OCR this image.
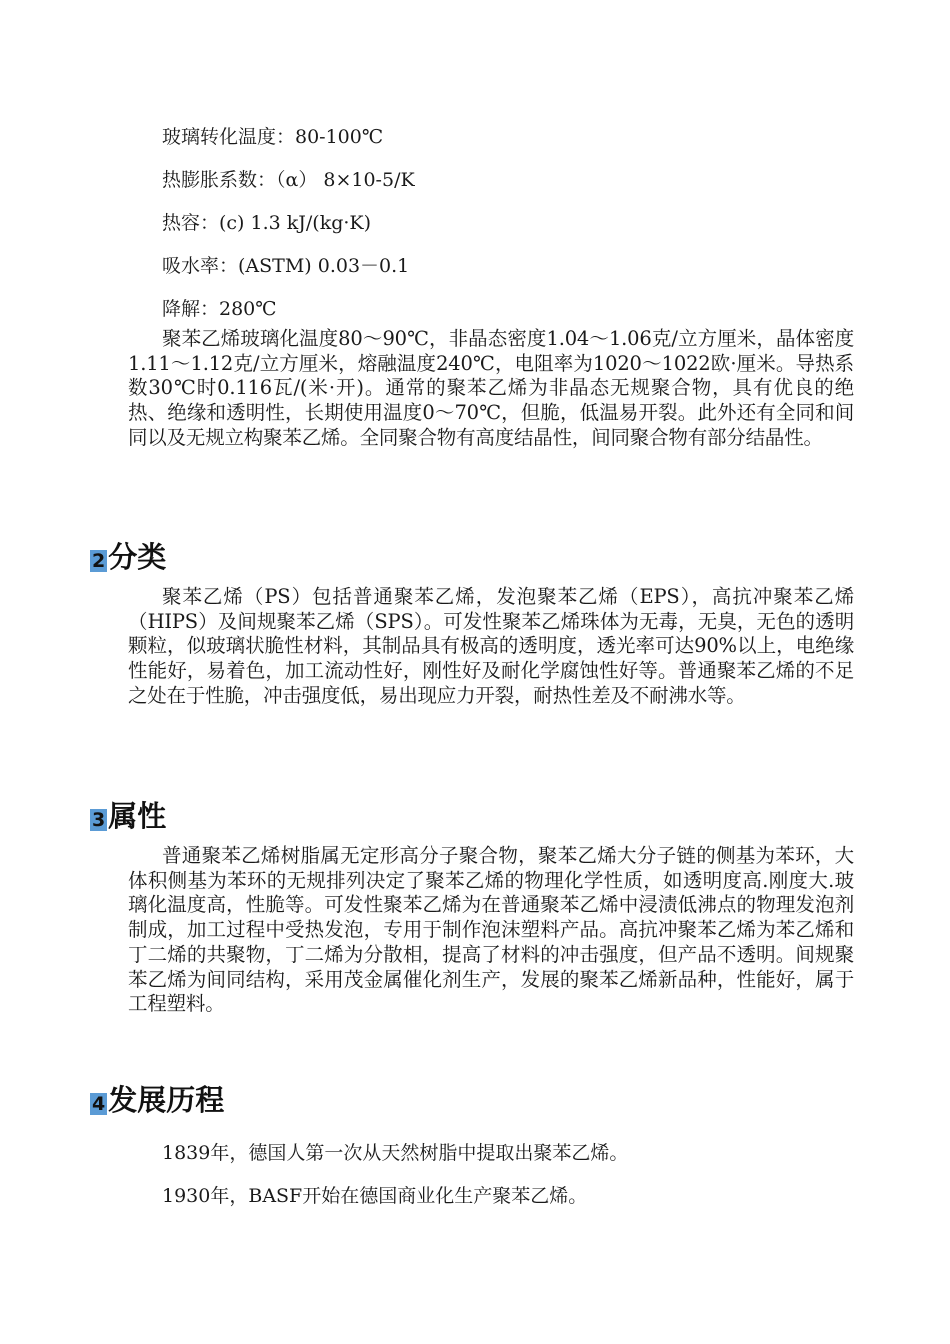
玻璃转化温度：80-100℃
热膨胀系数：（α） 8×10-5/K
热容：(c) 1.3 kJ/(kg·K)
吸水率：(ASTM) 0.03－0.1
降解：280℃

聚苯乙烯玻璃化温度80～90℃，非晶态密度1.04～1.06克/立方厘米，晶体密度1.11～1.12克/立方厘米，熔融温度240℃，电阻率为1020～1022欧·厘米。导热系数30℃时0.116瓦/(米·开)。通常的聚苯乙烯为非晶态无规聚合物，具有优良的绝热、绝缘和透明性，长期使用温度0～70℃，但脆，低温易开裂。此外还有全同和间同以及无规立构聚苯乙烯。全同聚合物有高度结晶性，间同聚合物有部分结晶性。

2 分类

聚苯乙烯（PS）包括普通聚苯乙烯，发泡聚苯乙烯（EPS），高抗冲聚苯乙烯（HIPS）及间规聚苯乙烯（SPS）。可发性聚苯乙烯珠体为无毒，无臭，无色的透明颗粒，似玻璃状脆性材料，其制品具有极高的透明度，透光率可达90%以上，电绝缘性能好，易着色，加工流动性好，刚性好及耐化学腐蚀性好等。普通聚苯乙烯的不足之处在于性脆，冲击强度低，易出现应力开裂，耐热性差及不耐沸水等。

3 属性

普通聚苯乙烯树脂属无定形高分子聚合物，聚苯乙烯大分子链的侧基为苯环，大体积侧基为苯环的无规排列决定了聚苯乙烯的物理化学性质，如透明度高.刚度大.玻璃化温度高，性脆等。可发性聚苯乙烯为在普通聚苯乙烯中浸渍低沸点的物理发泡剂制成，加工过程中受热发泡，专用于制作泡沫塑料产品。高抗冲聚苯乙烯为苯乙烯和丁二烯的共聚物，丁二烯为分散相，提高了材料的冲击强度，但产品不透明。间规聚苯乙烯为间同结构，采用茂金属催化剂生产，发展的聚苯乙烯新品种，性能好，属于工程塑料。

4 发展历程
1839年，德国人第一次从天然树脂中提取出聚苯乙烯。
1930年，BASF开始在德国商业化生产聚苯乙烯。
